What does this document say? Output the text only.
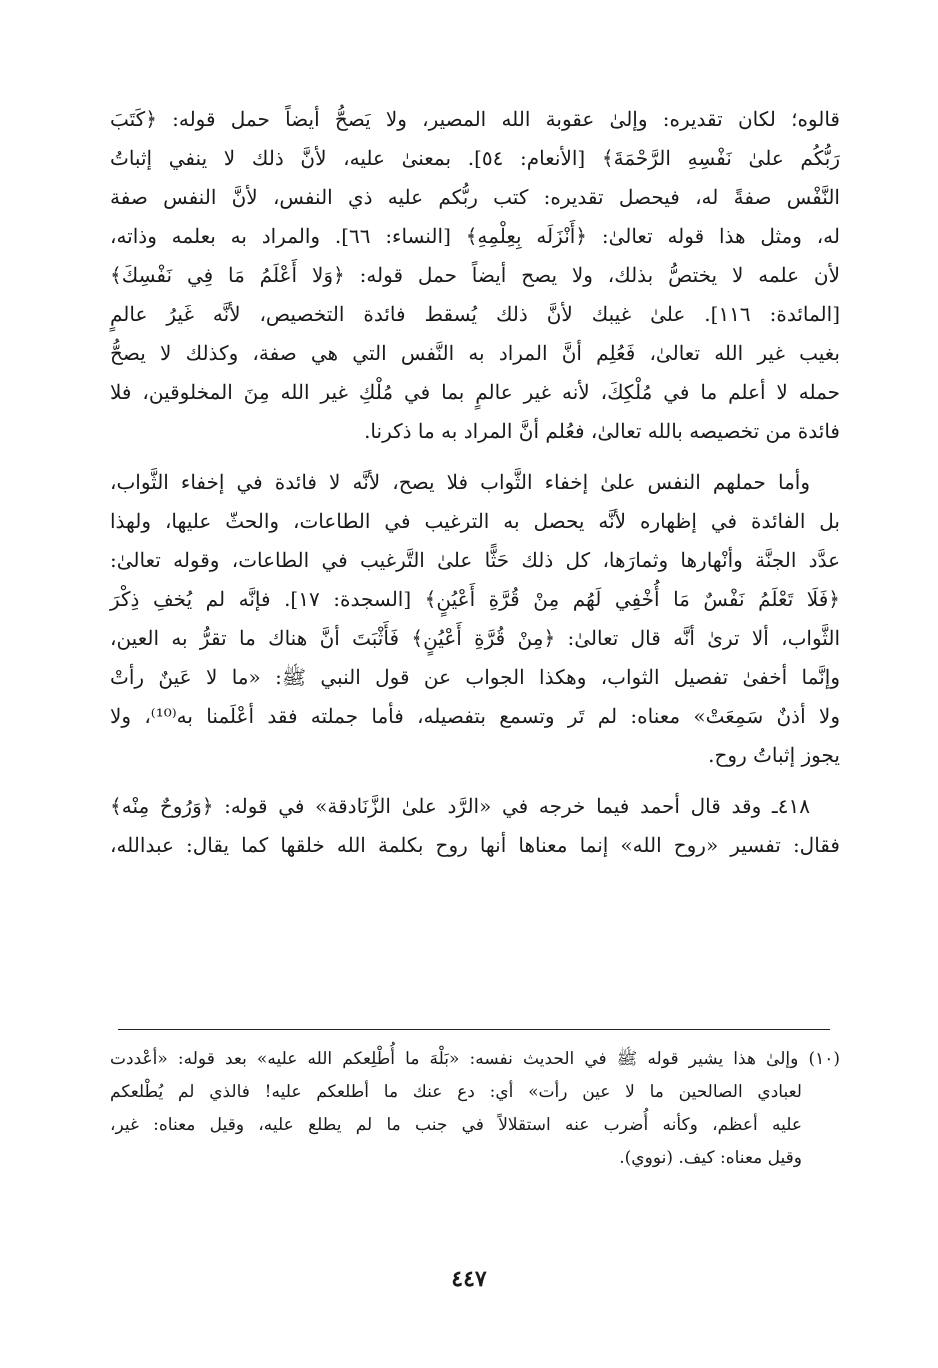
قالوه؛ لكان تقديره: وإلىٰ عقوبة الله المصير، ولا يَصحُّ أيضاً حمل قوله: ﴿كَتَبَ
رَبُّكُم علىٰ نَفْسِهِ الرَّحْمَةَ﴾ [الأنعام: ٥٤]. بمعنىٰ عليه، لأنَّ ذلك لا ينفي إثباتُ
النَّفْس صفةً له، فيحصل تقديره: كتب ربُّكم عليه ذي النفس، لأنَّ النفس صفة
له، ومثل هذا قوله تعالىٰ: ﴿أَنْزَلَه بِعِلْمِهِ﴾ [النساء: ٦٦]. والمراد به بعلمه وذاته،
لأن علمه لا يختصُّ بذلك، ولا يصح أيضاً حمل قوله: ﴿وَلا أَعْلَمُ مَا فِي نَفْسِكَ﴾
[المائدة: ١١٦]. علىٰ غيبك لأنَّ ذلك يُسقط فائدة التخصيص، لأنَّه غَيرُ عالمٍ
بغيب غير الله تعالىٰ، فَعُلِم أنَّ المراد به النَّفس التي هي صفة، وكذلك لا يصحُّ
حمله لا أعلم ما في مُلْكِكَ، لأنه غير عالمٍ بما في مُلْكِ غير الله مِنَ المخلوقين، فلا
فائدة من تخصيصه بالله تعالىٰ، فعُلم أنَّ المراد به ما ذكرنا.

وأما حملهم النفس علىٰ إخفاء الثَّواب فلا يصح، لأنَّه لا فائدة في إخفاء الثَّواب،
بل الفائدة في إظهاره لأنَّه يحصل به الترغيب في الطاعات، والحثّ عليها، ولهذا
عدَّد الجنَّة وأنْهارها وثمارَها، كل ذلك حَثًّا علىٰ التَّرغيب في الطاعات، وقوله تعالىٰ:
﴿فَلَا تَعْلَمُ نَفْسٌ مَا أُخْفِي لَهُم مِنْ قُرَّةِ أَعْيُنٍ﴾ [السجدة: ١٧]. فإنَّه لم يُخفِ ذِكْرَ
الثَّواب، ألا ترىٰ أنَّه قال تعالىٰ: ﴿مِنْ قُرَّةِ أَعْيُنٍ﴾ فَأَثْبَتَ أنَّ هناك ما تقرُّ به العين،
وإنَّما أخفىٰ تفصيل الثواب، وهكذا الجواب عن قول النبي ﷺ: «ما لا عَينٌ رأتْ
ولا أذنٌ سَمِعَتْ» معناه: لم تَر وتسمع بتفصيله، فأما جملته فقد أعْلَمنا به⁽¹⁰⁾، ولا
يجوز إثباتُ روح.

٤١٨ـ وقد قال أحمد فيما خرجه في «الرَّد علىٰ الزَّنَادقة» في قوله: ﴿وَرُوحٌ مِنْه﴾
فقال: تفسير «روح الله» إنما معناها أنها روح بكلمة الله خلقها كما يقال: عبدالله،

(١٠) وإلىٰ هذا يشير قوله ﷺ في الحديث نفسه: «بَلْهَ ما أُطْلِعكم الله عليه» بعد قوله: «أعْددت
لعبادي الصالحين ما لا عين رأت» أي: دع عنك ما أطلعكم عليه! فالذي لم يُطْلعكم
عليه أعظم، وكأنه أُضرب عنه استقلالاً في جنب ما لم يطلع عليه، وقيل معناه: غير،
وقيل معناه: كيف. (نووي).
٤٤٧
